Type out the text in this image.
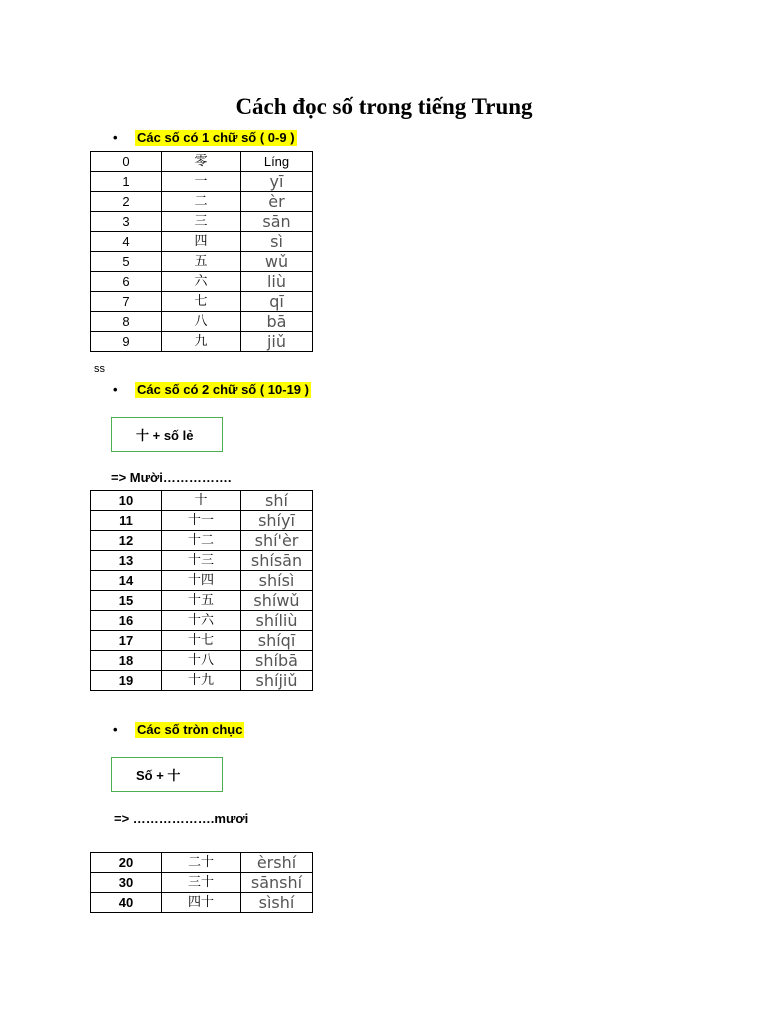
Cách đọc số trong tiếng Trung
• Các số có 1 chữ số ( 0-9 )
0	零	Líng
1	一	yī
2	二	èr
3	三	sān
4	四	sì
5	五	wǔ
6	六	liù
7	七	qī
8	八	bā
9	九	jiǔ
ss
• Các số có 2 chữ số ( 10-19 )
十 + số lẻ
=> Mười…………….
10	十	shí
11	十一	shíyī
12	十二	shí'èr
13	十三	shísān
14	十四	shísì
15	十五	shíwǔ
16	十六	shíliù
17	十七	shíqī
18	十八	shíbā
19	十九	shíjiǔ
• Các số tròn chục
Số + 十
=> ……………….mươi
20	二十	èrshí
30	三十	sānshí
40	四十	sìshí
